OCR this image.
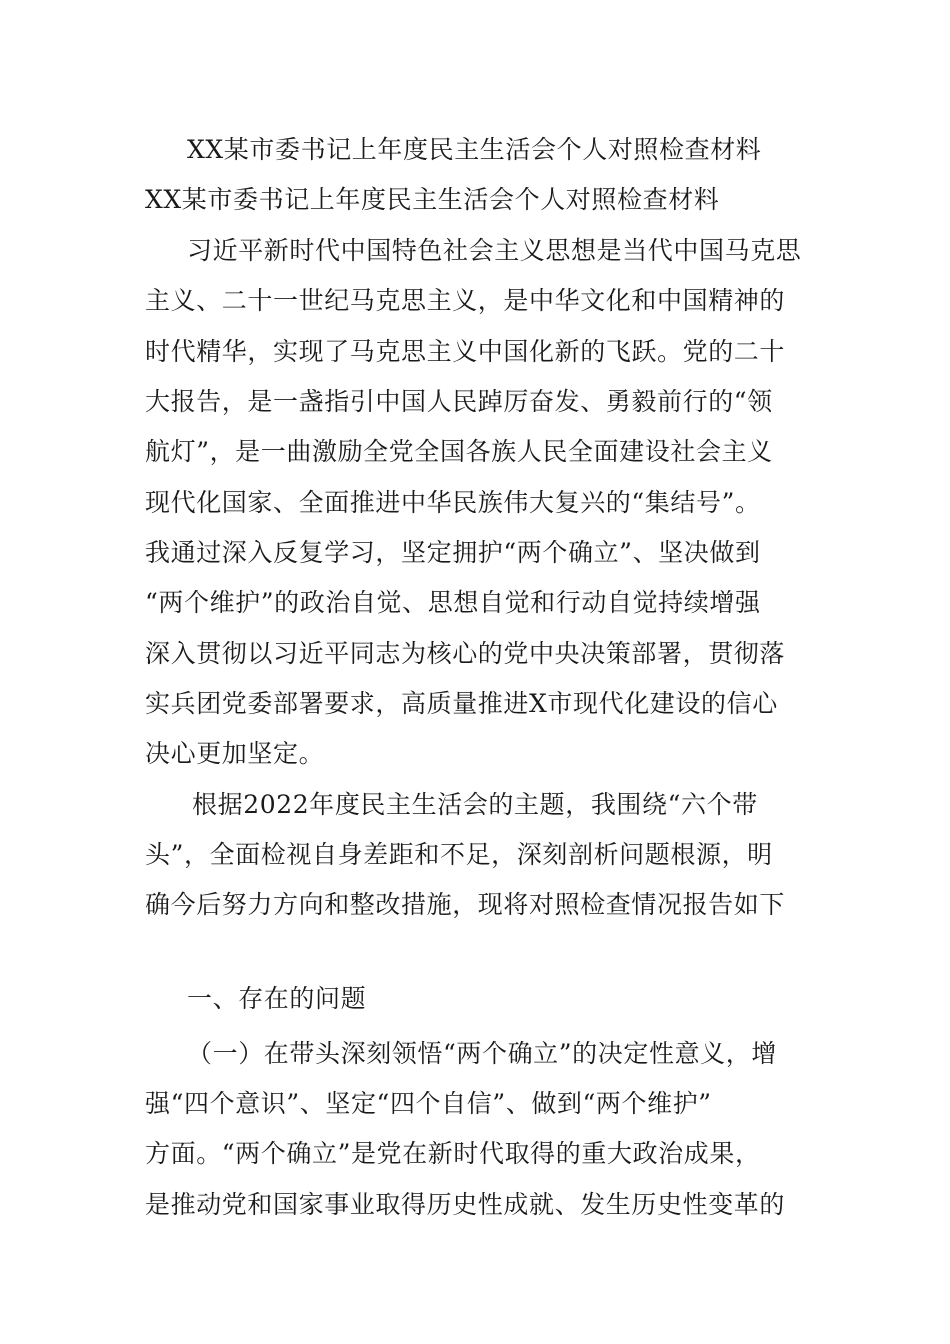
XX某市委书记上年度民主生活会个人对照检查材料
XX某市委书记上年度民主生活会个人对照检查材料
习近平新时代中国特色社会主义思想是当代中国马克思
主义、二十一世纪马克思主义，是中华文化和中国精神的
时代精华，实现了马克思主义中国化新的飞跃。党的二十
大报告，是一盏指引中国人民踔厉奋发、勇毅前行的“领
航灯”，是一曲激励全党全国各族人民全面建设社会主义
现代化国家、全面推进中华民族伟大复兴的“集结号”。
我通过深入反复学习，坚定拥护“两个确立”、坚决做到
“两个维护”的政治自觉、思想自觉和行动自觉持续增强
深入贯彻以习近平同志为核心的党中央决策部署，贯彻落
实兵团党委部署要求，高质量推进X市现代化建设的信心
决心更加坚定。
根据2022年度民主生活会的主题，我围绕“六个带
头”，全面检视自身差距和不足，深刻剖析问题根源，明
确今后努力方向和整改措施，现将对照检查情况报告如下
一、存在的问题
（一）在带头深刻领悟“两个确立”的决定性意义，增
强“四个意识”、坚定“四个自信”、做到“两个维护”
方面。“两个确立”是党在新时代取得的重大政治成果，
是推动党和国家事业取得历史性成就、发生历史性变革的
